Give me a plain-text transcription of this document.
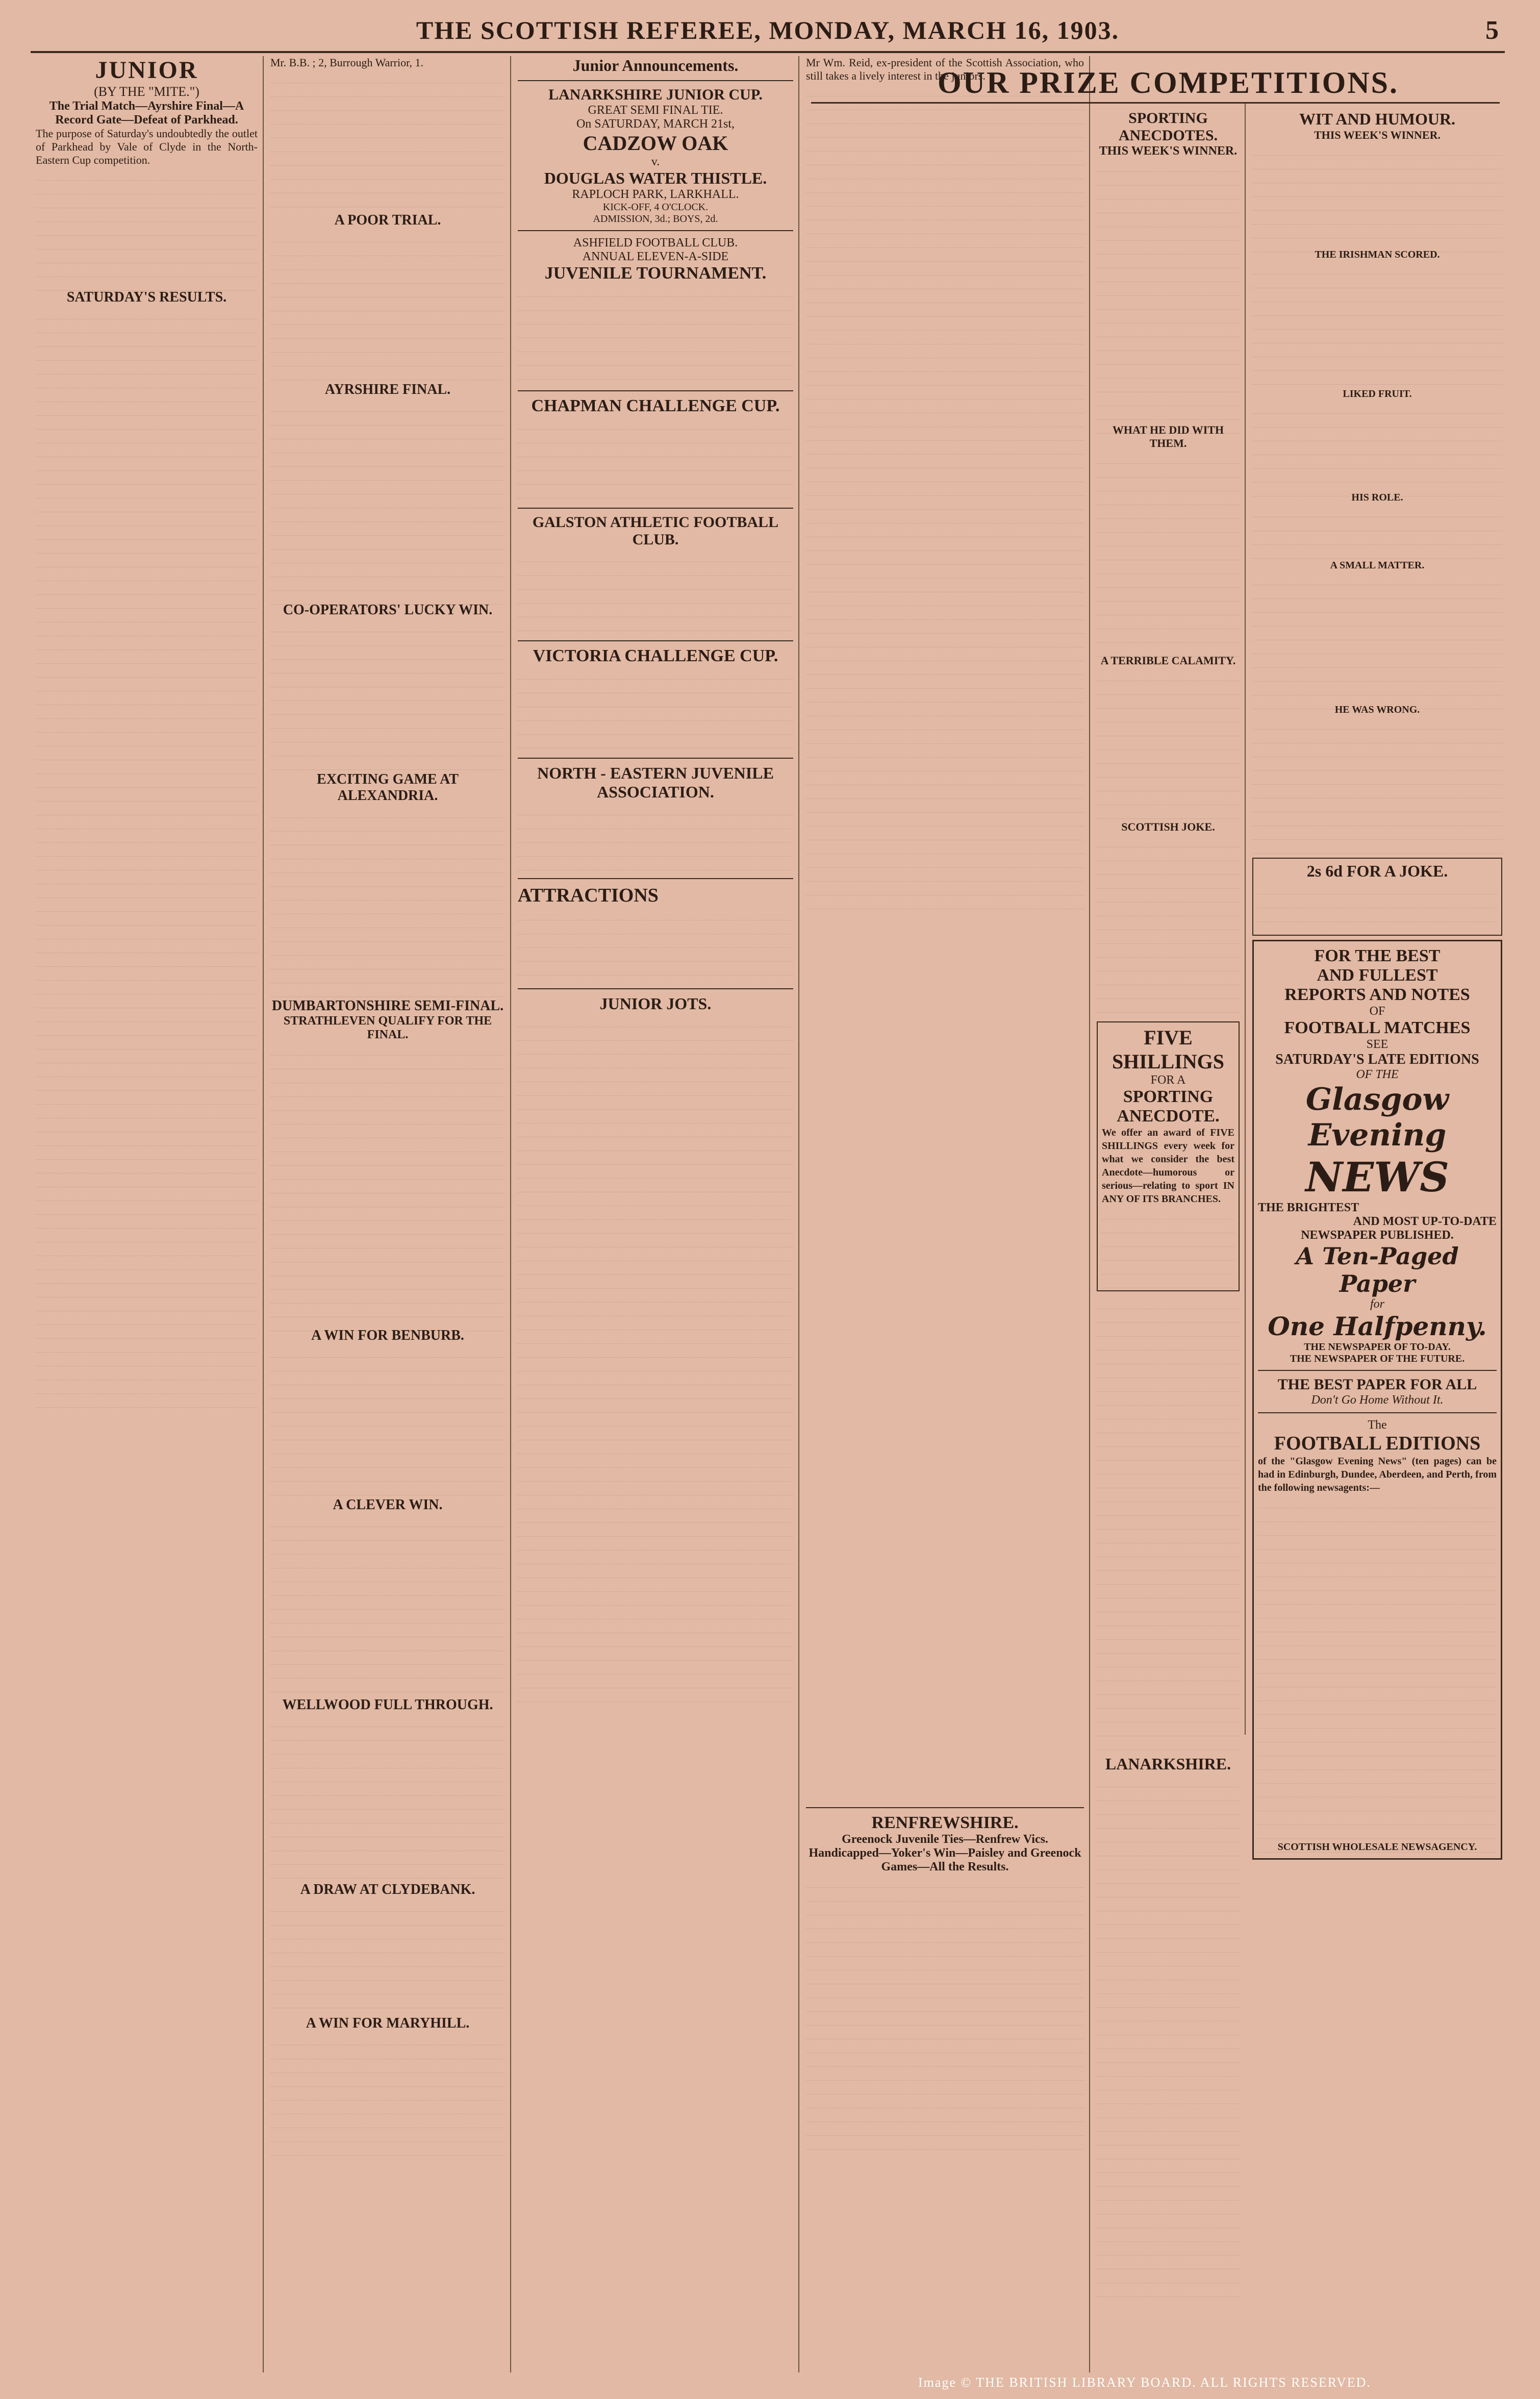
THE SCOTTISH REFEREE, MONDAY, MARCH 16, 1903.	5

JUNIOR

(BY THE "MITE.")

The Trial Match—Ayrshire Final—A Record Gate—Defeat of Parkhead.

The purpose of Saturday's undoubtedly the outlet of Parkhead by Vale of Clyde in the North-Eastern Cup competition.

SATURDAY'S RESULTS.

Mr. B.B. ; 2, Burrough Warrior, 1.

A POOR TRIAL.

AYRSHIRE FINAL.

CO-OPERATORS' LUCKY WIN.

EXCITING GAME AT ALEXANDRIA.

DUMBARTONSHIRE SEMI-FINAL.

STRATHLEVEN QUALIFY FOR THE FINAL.

A WIN FOR BENBURB.

A CLEVER WIN.

WELLWOOD FULL THROUGH.

A DRAW AT CLYDEBANK.

A WIN FOR MARYHILL.

Junior Announcements.

LANARKSHIRE JUNIOR CUP.

GREAT SEMI FINAL TIE.

On SATURDAY, MARCH 21st,

CADZOW OAK

v.

DOUGLAS WATER THISTLE.

RAPLOCH PARK, LARKHALL.

KICK-OFF, 4 O'CLOCK.

ADMISSION, 3d.; BOYS, 2d.

ASHFIELD FOOTBALL CLUB.

ANNUAL ELEVEN-A-SIDE

JUVENILE TOURNAMENT.

CHAPMAN CHALLENGE CUP.

GALSTON ATHLETIC FOOTBALL CLUB.

VICTORIA CHALLENGE CUP.

NORTH - EASTERN JUVENILE ASSOCIATION.

ATTRACTIONS

JUNIOR JOTS.

Mr Wm. Reid, ex-president of the Scottish Association, who still takes a lively interest in the juniors.

RENFREWSHIRE.

Greenock Juvenile Ties—Renfrew Vics. Handicapped—Yoker's Win—Paisley and Greenock Games—All the Results.

OUR PRIZE COMPETITIONS.

SPORTING ANECDOTES.

THIS WEEK'S WINNER.

WHAT HE DID WITH THEM.

A TERRIBLE CALAMITY.

SCOTTISH JOKE.

FIVE SHILLINGS

FOR A

SPORTING ANECDOTE.

We offer an award of FIVE SHILLINGS every week for what we consider the best Anecdote—humorous or serious—relating to sport IN ANY OF ITS BRANCHES.

LANARKSHIRE.

WIT AND HUMOUR.

THIS WEEK'S WINNER.

THE IRISHMAN SCORED.

LIKED FRUIT.

HIS ROLE.

A SMALL MATTER.

HE WAS WRONG.

2s 6d FOR A JOKE.

FOR THE BEST

AND FULLEST

REPORTS AND NOTES

OF

FOOTBALL MATCHES

SEE

SATURDAY'S LATE EDITIONS

OF THE

Glasgow Evening

NEWS

THE BRIGHTEST

AND MOST UP-TO-DATE

NEWSPAPER PUBLISHED.

A Ten-Paged Paper

for

One Halfpenny.

THE NEWSPAPER OF TO-DAY.

THE NEWSPAPER OF THE FUTURE.

THE BEST PAPER FOR ALL

Don't Go Home Without It.

The

FOOTBALL EDITIONS

of the "Glasgow Evening News" (ten pages) can be had in Edinburgh, Dundee, Aberdeen, and Perth, from the following newsagents:—

SCOTTISH WHOLESALE NEWSAGENCY.

Image © THE BRITISH LIBRARY BOARD. ALL RIGHTS RESERVED.
